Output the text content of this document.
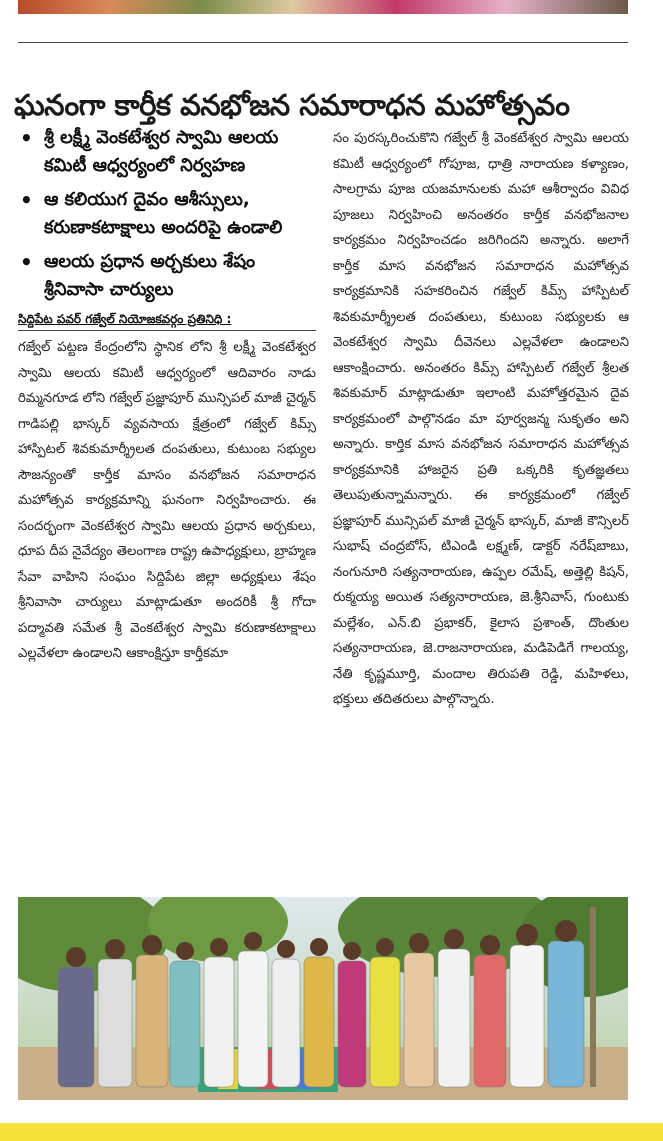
ఘనంగా కార్తీక వనభోజన సమారాధన మహోత్సవం
• శ్రీ లక్ష్మీ వెంకటేశ్వర స్వామి ఆలయ కమిటీ ఆధ్వర్యంలో నిర్వహణ
• ఆ కలియుగ దైవం ఆశీస్సులు, కరుణాకటాక్షాలు అందరిపై ఉండాలి
• ఆలయ ప్రధాన అర్చకులు శేషం శ్రీనివాసా చార్యులు
సిద్దిపేట పవర్ గజ్వేల్ నియోజకవర్గం ప్రతినిధి :

గజ్వేల్ పట్టణ కేంద్రంలోని స్థానిక లోని శ్రీ లక్ష్మీ వెంకటేశ్వర స్వామి ఆలయ కమిటీ ఆధ్వర్యంలో ఆదివారం నాడు రిమ్మనగూడ లోని గజ్వేల్ ప్రజ్ఞాపూర్ మున్సిపల్ మాజీ చైర్మన్ గాడిపల్లి భాస్కర్ వ్యవసాయ క్షేత్రంలో గజ్వేల్ కిమ్స్ హాస్పిటల్ శివకుమార్శ్రీలత దంపతులు, కుటుంబ సభ్యుల సౌజన్యంతో కార్తీక మాసం వనభోజన సమారాధన మహోత్సవ కార్యక్రమాన్ని ఘనంగా నిర్వహించారు. ఈ సందర్భంగా వెంకటేశ్వర స్వామి ఆలయ ప్రధాన అర్చకులు, ధూప దీప నైవేద్యం తెలంగాణ రాష్ట్ర ఉపాధ్యక్షులు, బ్రాహ్మణ సేవా వాహిని సంఘం సిద్దిపేట జిల్లా అధ్యక్షులు శేషం శ్రీనివాసా చార్యులు మాట్లాడుతూ అందరికీ శ్రీ గోదా పద్మావతి సమేత శ్రీ వెంకటేశ్వర స్వామి కరుణాకటాక్షాలు ఎల్లవేళలా ఉండాలని ఆకాంక్షిస్తూ కార్తీకమా

సం పురస్కరించుకొని గజ్వేల్ శ్రీ వెంకటేశ్వర స్వామి ఆలయ కమిటీ ఆధ్వర్యంలో గోపూజ, ధాత్రి నారాయణ కళ్యాణం, సాలగ్రామ పూజ యజమానులకు మహా ఆశీర్వాదం వివిధ పూజలు నిర్వహించి అనంతరం కార్తీక వనభోజనాల కార్యక్రమం నిర్వహించడం జరిగిందని అన్నారు. అలాగే కార్తీక మాస వనభోజన సమారాధన మహోత్సవ కార్యక్రమానికి సహకరించిన గజ్వేల్ కిమ్స్ హాస్పిటల్ శివకుమార్శ్రీలత దంపతులు, కుటుంబ సభ్యులకు ఆ వెంకటేశ్వర స్వామి దీవెనలు ఎల్లవేళలా ఉండాలని ఆకాంక్షించారు. అనంతరం కిమ్స్ హాస్పిటల్ గజ్వేల్ శ్రీలత శివకుమార్ మాట్లాడుతూ ఇలాంటి మహోత్తరమైన దైవ కార్యక్రమంలో పాల్గొనడం మా పూర్వజన్మ సుకృతం అని అన్నారు. కార్తిక మాస వనభోజన సమారాధన మహోత్సవ కార్యక్రమానికి హాజరైన ప్రతి ఒక్కరికి కృతజ్ఞతలు తెలుపుతున్నామన్నారు. ఈ కార్యక్రమంలో గజ్వేల్ ప్రజ్ఞాపూర్ మున్సిపల్ మాజీ చైర్మన్ భాస్కర్, మాజీ కౌన్సిలర్ సుభాష్ చంద్రబోస్, టిఎండి లక్ష్మణ్, డాక్టర్ నరేష్‌బాబు, నంగునూరి సత్యనారాయణ, ఉప్పల రమేష్, అత్తెల్లి కిషన్, రుక్మయ్య అయిత సత్యనారాయణ, జె.శ్రీనివాస్, గుంటుకు మల్లేశం, ఎన్.బి ప్రభాకర్, కైలాస ప్రశాంత్, దొంతుల సత్యనారాయణ, జె.రాజనారాయణ, మడిపెడిగే గాలయ్య, నేతి కృష్ణమూర్తి, మందాల తిరుపతి రెడ్డి, మహిళలు, భక్తులు తదితరులు పాల్గొన్నారు.
